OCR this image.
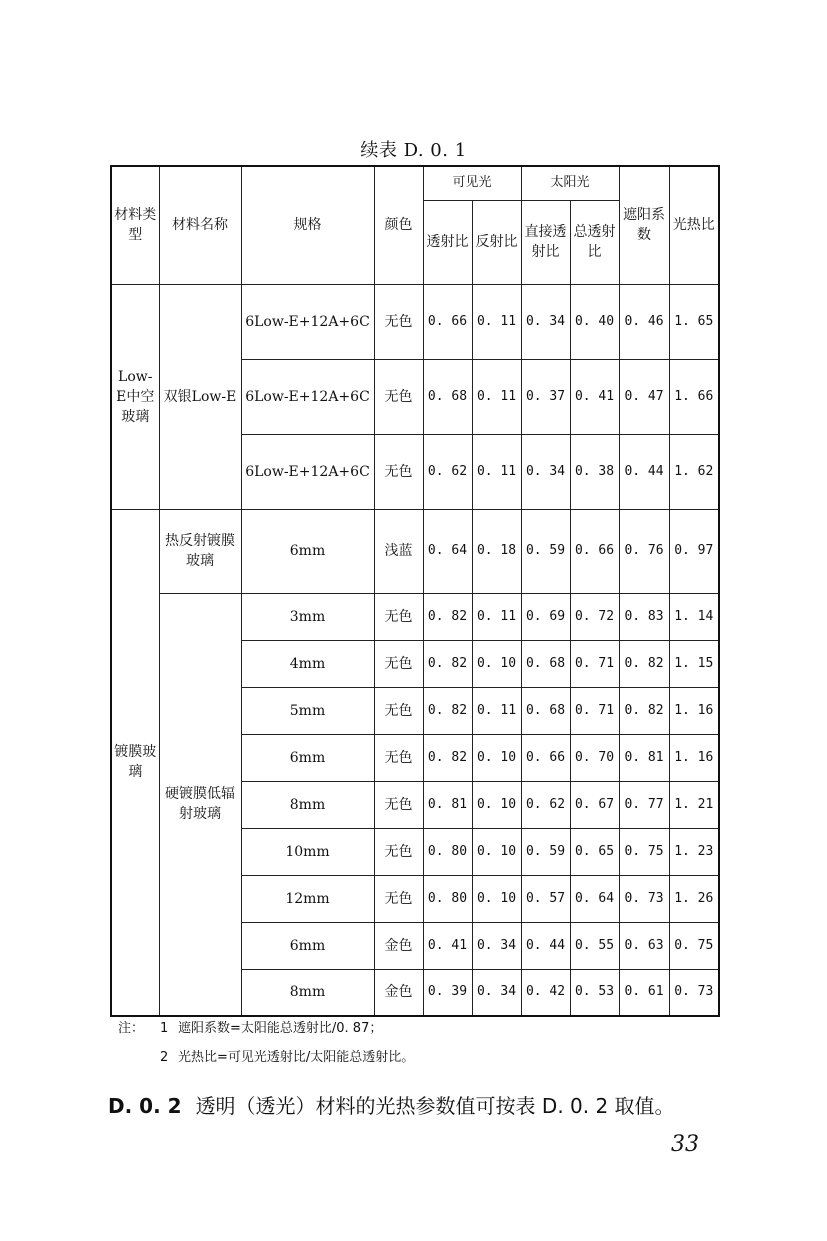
续表 D. 0. 1
材料类型	材料名称	规格	颜色	可见光		太阳光		遮阳系数	光热比
				透射比	反射比	直接透射比	总透射比		
Low-E中空玻璃	双银Low-E	6Low-E+12A+6C	无色	0. 66	0. 11	0. 34	0. 40	0. 46	1. 65
		6Low-E+12A+6C	无色	0. 68	0. 11	0. 37	0. 41	0. 47	1. 66
		6Low-E+12A+6C	无色	0. 62	0. 11	0. 34	0. 38	0. 44	1. 62
镀膜玻璃	热反射镀膜玻璃	6mm	浅蓝	0. 64	0. 18	0. 59	0. 66	0. 76	0. 97
	硬镀膜低辐射玻璃	3mm	无色	0. 82	0. 11	0. 69	0. 72	0. 83	1. 14
		4mm	无色	0. 82	0. 10	0. 68	0. 71	0. 82	1. 15
		5mm	无色	0. 82	0. 11	0. 68	0. 71	0. 82	1. 16
		6mm	无色	0. 82	0. 10	0. 66	0. 70	0. 81	1. 16
		8mm	无色	0. 81	0. 10	0. 62	0. 67	0. 77	1. 21
		10mm	无色	0. 80	0. 10	0. 59	0. 65	0. 75	1. 23
		12mm	无色	0. 80	0. 10	0. 57	0. 64	0. 73	1. 26
		6mm	金色	0. 41	0. 34	0. 44	0. 55	0. 63	0. 75
		8mm	金色	0. 39	0. 34	0. 42	0. 53	0. 61	0. 73
注： 1 遮阳系数=太阳能总透射比/0. 87；
2 光热比=可见光透射比/太阳能总透射比。
D. 0. 2 透明（透光）材料的光热参数值可按表 D. 0. 2 取值。
33
